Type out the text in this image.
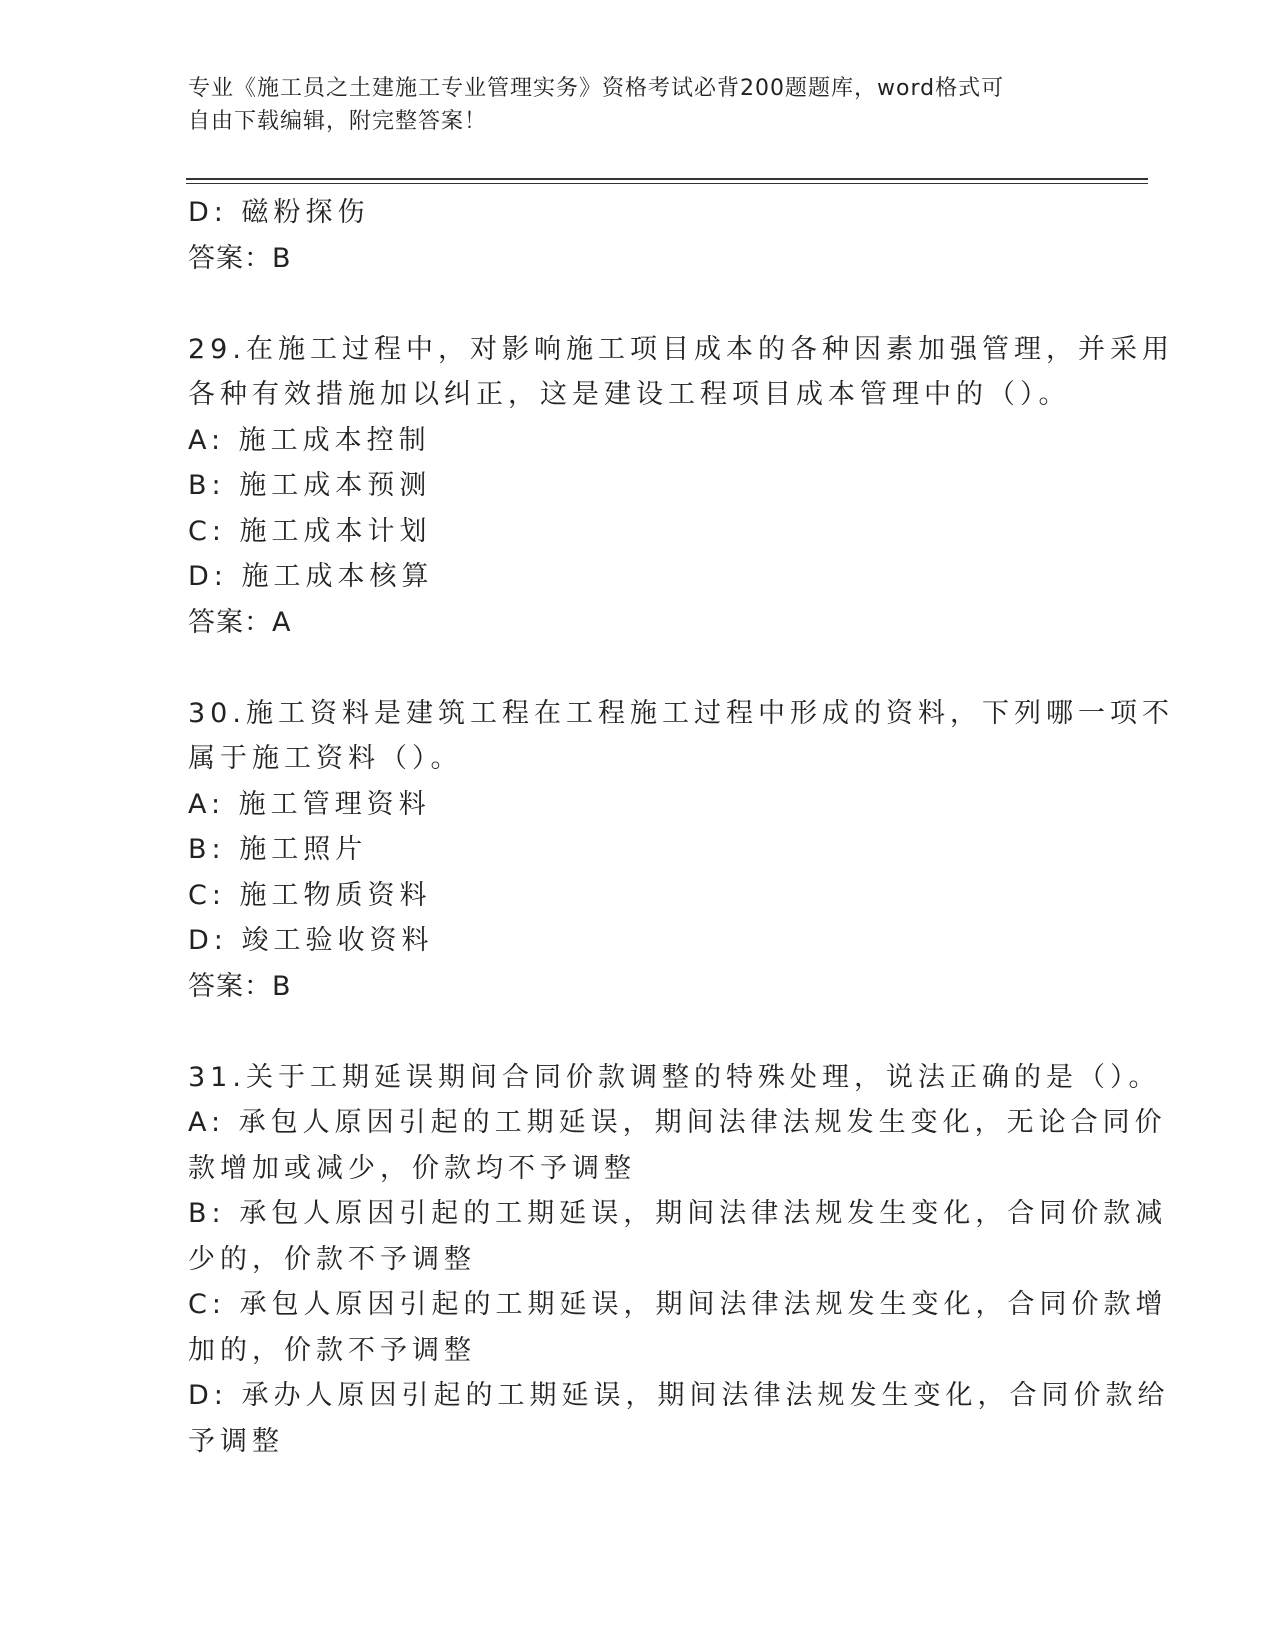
专业《施工员之土建施工专业管理实务》资格考试必背200题题库，word格式可
自由下载编辑，附完整答案！
D: 磁粉探伤
答案：B
29.在施工过程中，对影响施工项目成本的各种因素加强管理，并采用
各种有效措施加以纠正，这是建设工程项目成本管理中的（）。
A: 施工成本控制
B: 施工成本预测
C: 施工成本计划
D: 施工成本核算
答案：A
30.施工资料是建筑工程在工程施工过程中形成的资料，下列哪一项不
属于施工资料（）。
A: 施工管理资料
B: 施工照片
C: 施工物质资料
D: 竣工验收资料
答案：B
31.关于工期延误期间合同价款调整的特殊处理，说法正确的是（）。
A: 承包人原因引起的工期延误，期间法律法规发生变化，无论合同价
款增加或减少，价款均不予调整
B: 承包人原因引起的工期延误，期间法律法规发生变化，合同价款减
少的，价款不予调整
C: 承包人原因引起的工期延误，期间法律法规发生变化，合同价款增
加的，价款不予调整
D: 承办人原因引起的工期延误，期间法律法规发生变化，合同价款给
予调整
